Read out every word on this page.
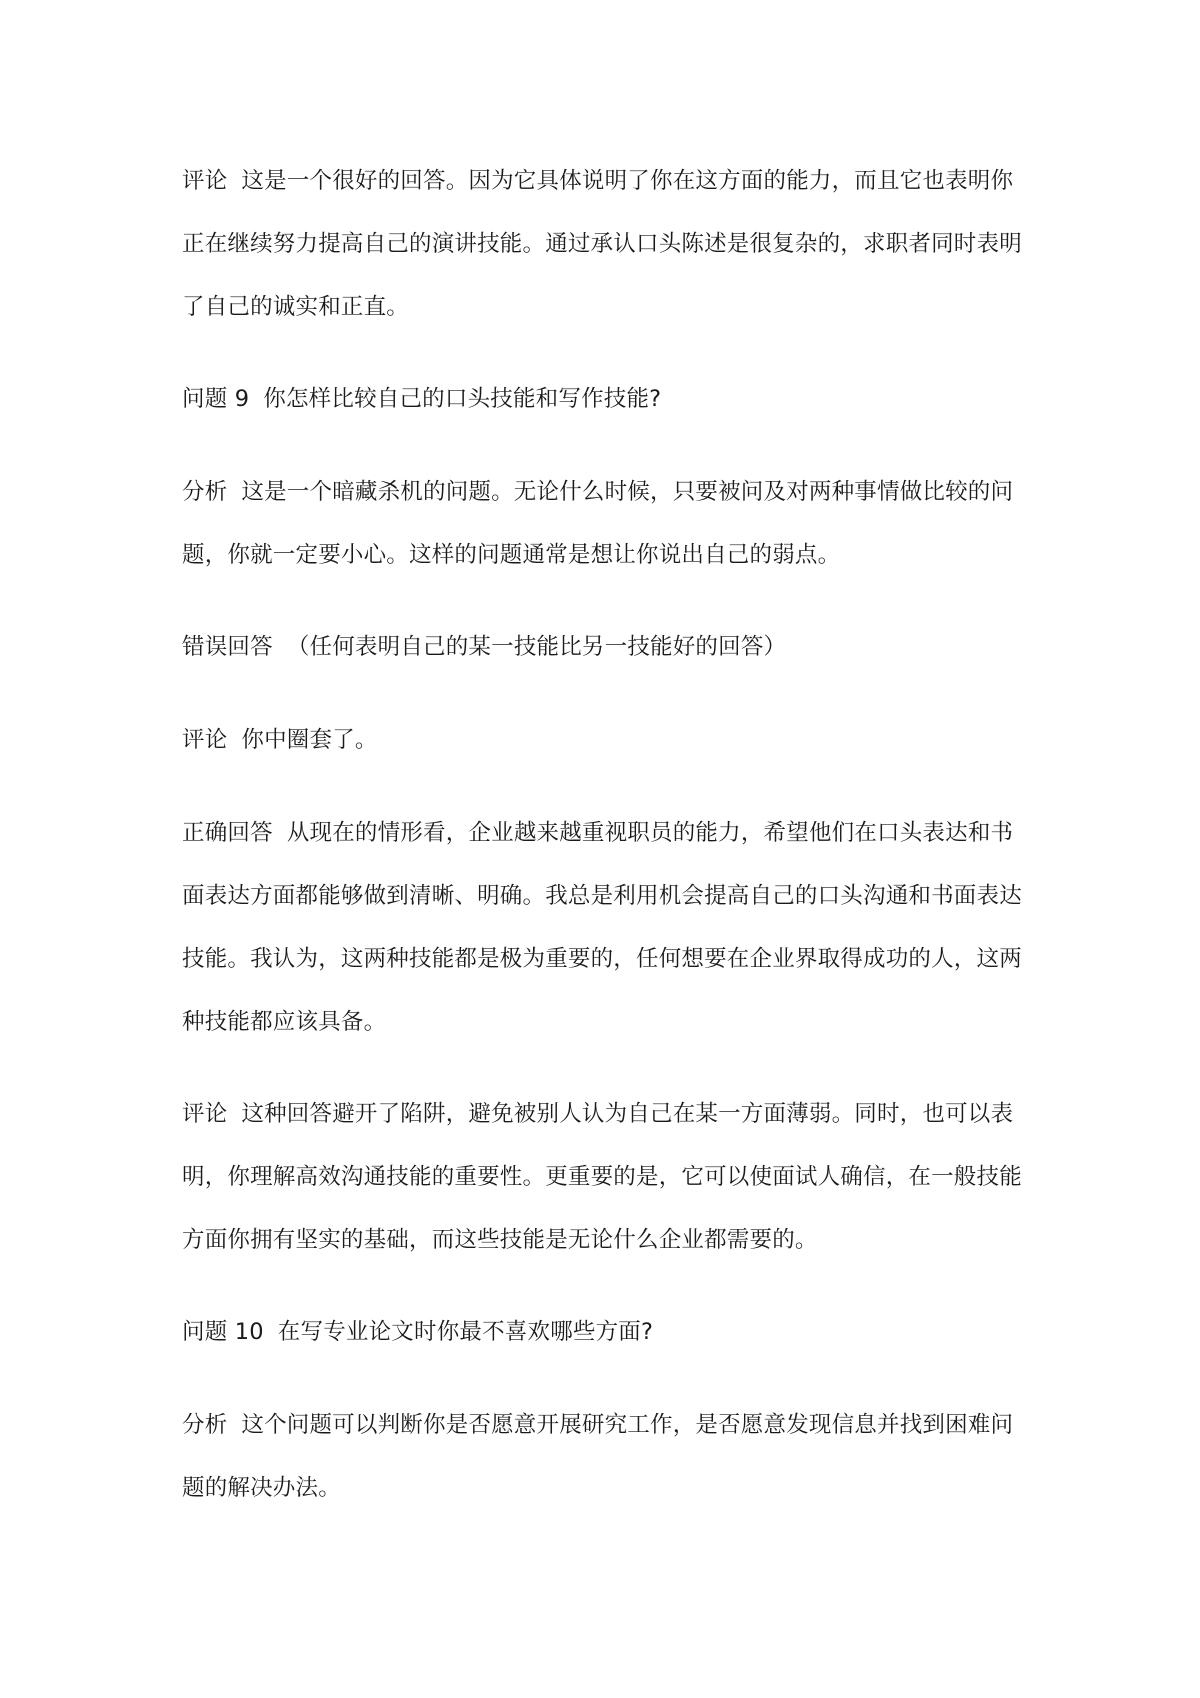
评论 这是一个很好的回答。因为它具体说明了你在这方面的能力，而且它也表明你正在继续努力提高自己的演讲技能。通过承认口头陈述是很复杂的，求职者同时表明了自己的诚实和正直。

问题 9 你怎样比较自己的口头技能和写作技能?

分析 这是一个暗藏杀机的问题。无论什么时候，只要被问及对两种事情做比较的问题，你就一定要小心。这样的问题通常是想让你说出自己的弱点。

错误回答 （任何表明自己的某一技能比另一技能好的回答）

评论 你中圈套了。

正确回答 从现在的情形看，企业越来越重视职员的能力，希望他们在口头表达和书面表达方面都能够做到清晰、明确。我总是利用机会提高自己的口头沟通和书面表达技能。我认为，这两种技能都是极为重要的，任何想要在企业界取得成功的人，这两种技能都应该具备。

评论 这种回答避开了陷阱，避免被别人认为自己在某一方面薄弱。同时，也可以表明，你理解高效沟通技能的重要性。更重要的是，它可以使面试人确信，在一般技能方面你拥有坚实的基础，而这些技能是无论什么企业都需要的。

问题 10 在写专业论文时你最不喜欢哪些方面?

分析 这个问题可以判断你是否愿意开展研究工作，是否愿意发现信息并找到困难问题的解决办法。
